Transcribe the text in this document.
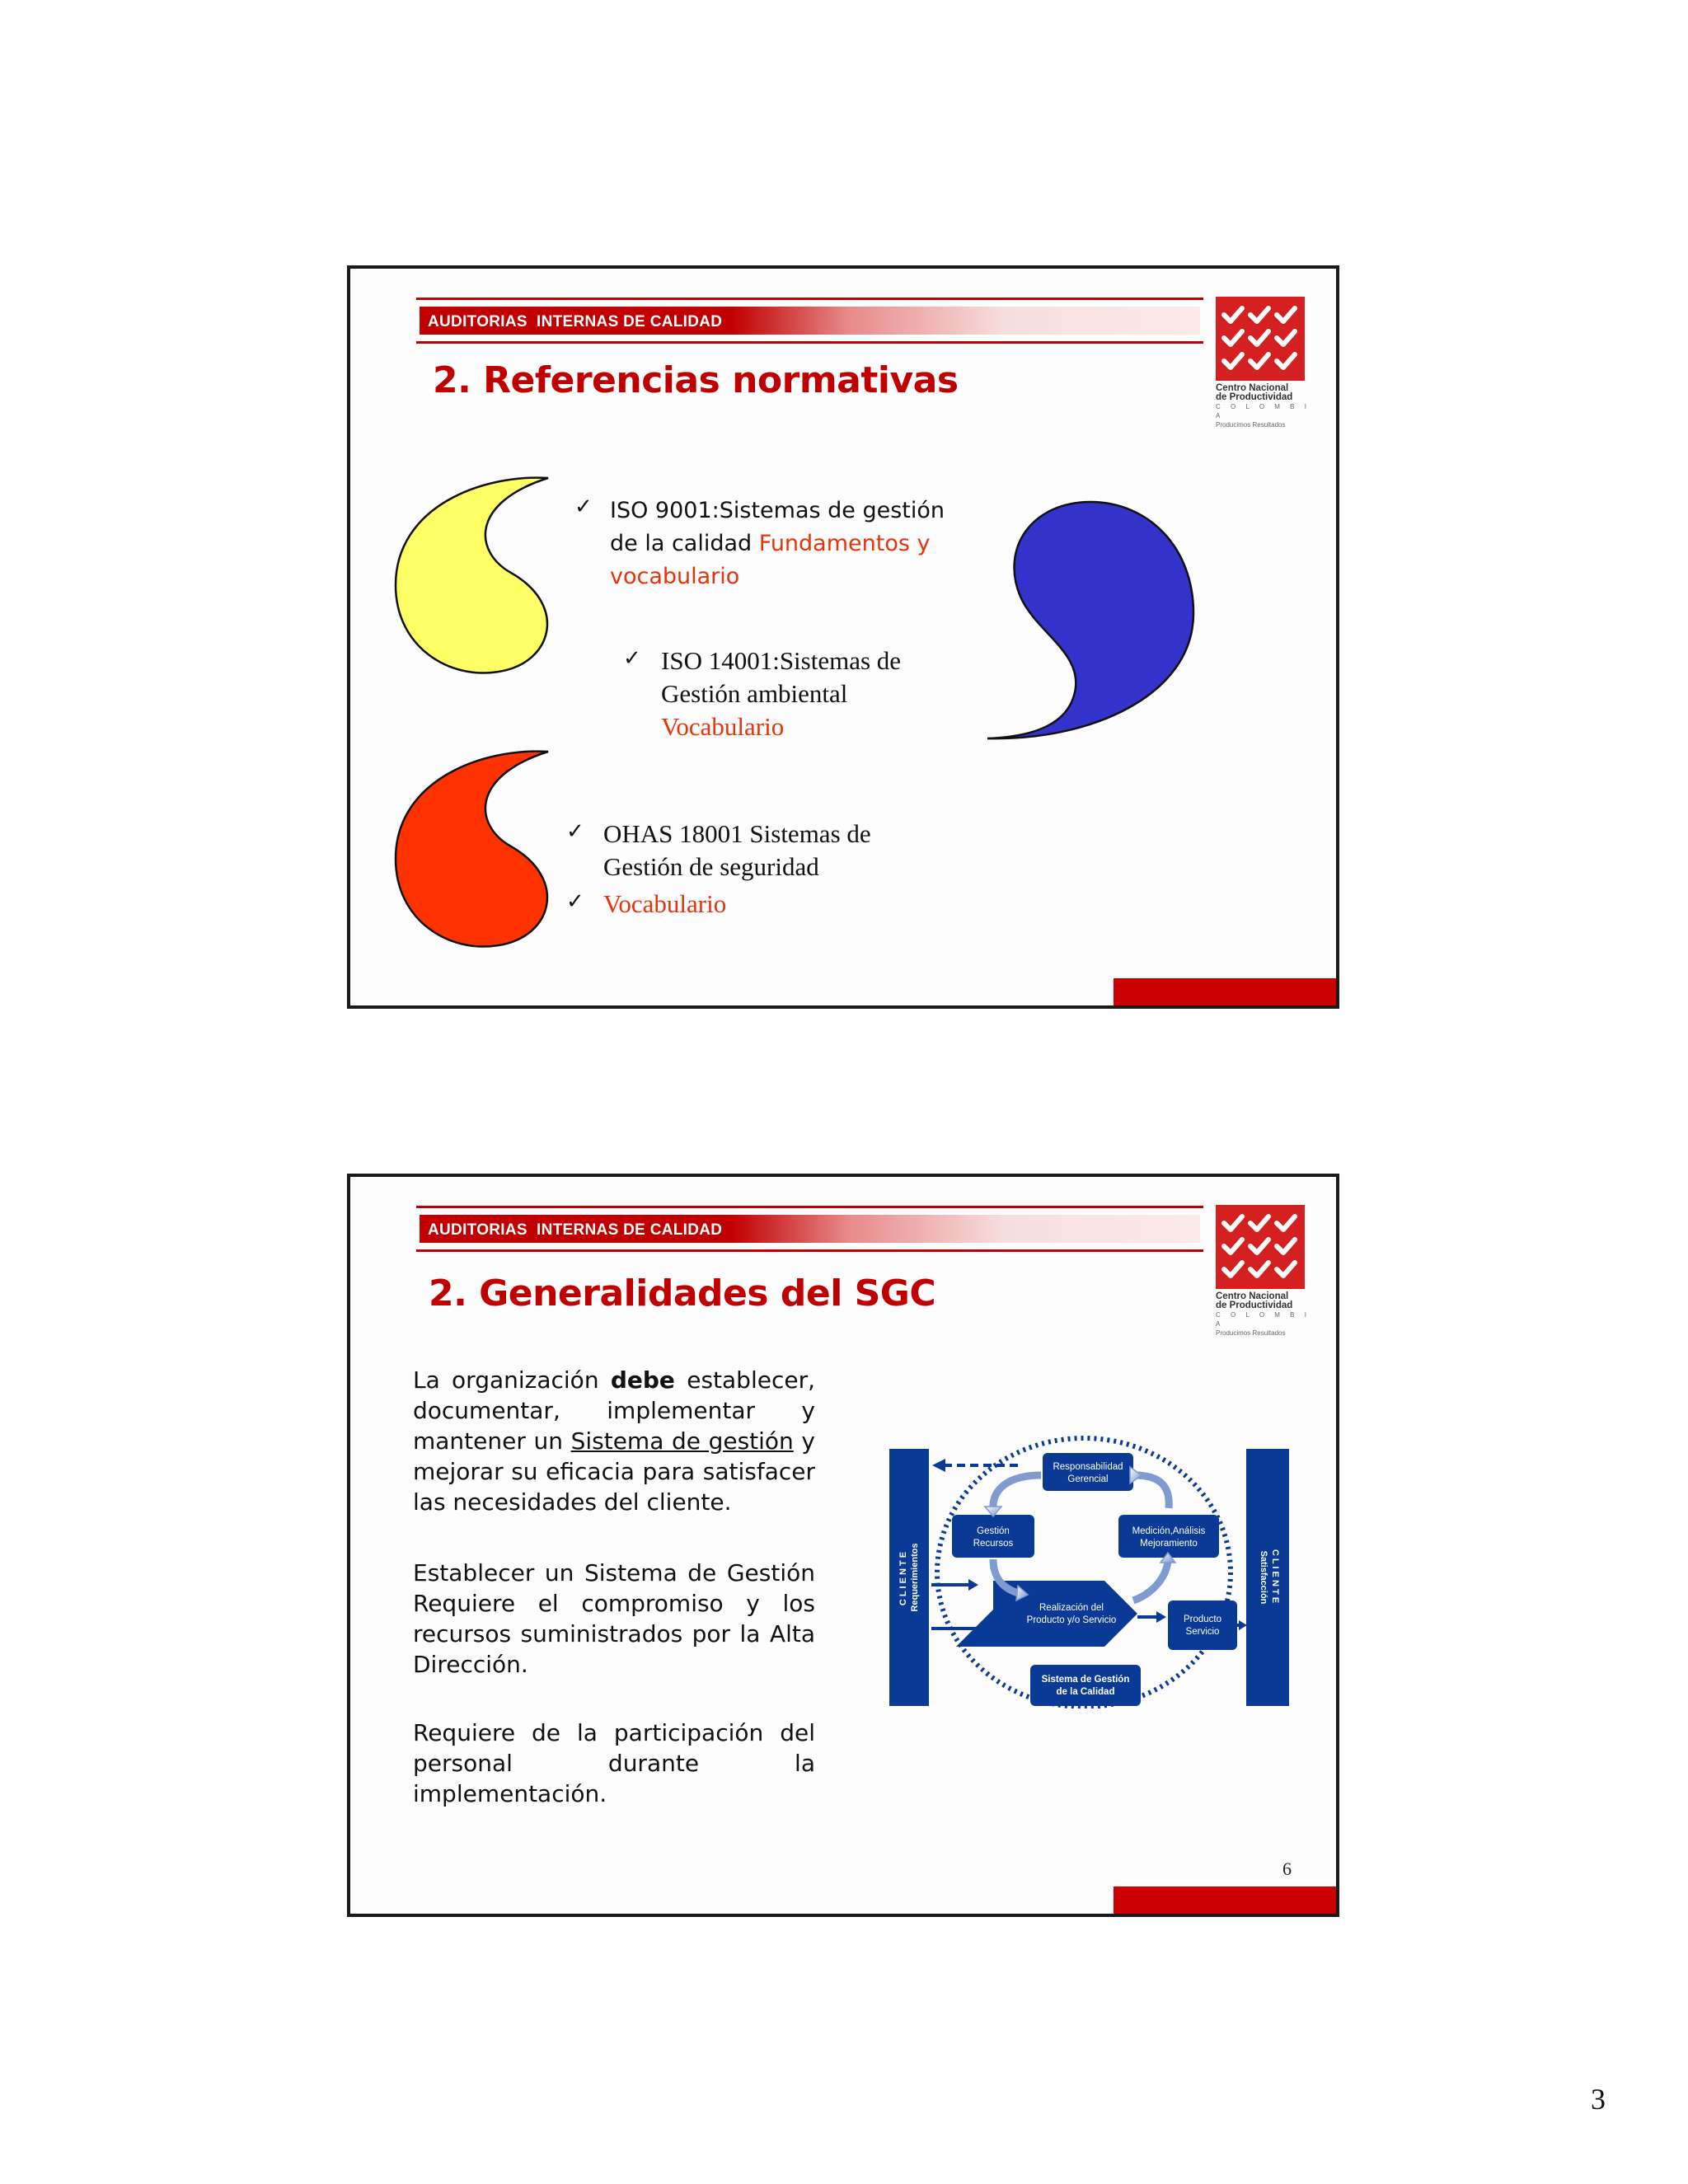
AUDITORIAS  INTERNAS DE CALIDAD
Centro Nacional
de Productividad
C O L O M B I A
Producimos Resultados
2. Referencias normativas
✓ ISO 9001:Sistemas de gestión
de la calidad Fundamentos y
vocabulario
✓ ISO 14001:Sistemas de
Gestión ambiental
Vocabulario
✓ OHAS 18001 Sistemas de
Gestión de seguridad
✓ Vocabulario
AUDITORIAS  INTERNAS DE CALIDAD
Centro Nacional
de Productividad
C O L O M B I A
Producimos Resultados
2. Generalidades del SGC
La organización debe establecer, documentar, implementar y mantener un Sistema de gestión y mejorar su eficacia para satisfacer las necesidades del cliente.
Establecer un Sistema de Gestión Requiere el compromiso y los recursos suministrados por la Alta Dirección.
Requiere de la participación del personal durante la implementación.
C L I E N T E Requerimientos	C L I E N T E Satisfacción
Responsabilidad
Gerencial
Gestión
Recursos
Medición,Análisis
Mejoramiento
Realización del
Producto y/o Servicio	Producto
Servicio
Sistema de Gestión
de la Calidad
6
3
